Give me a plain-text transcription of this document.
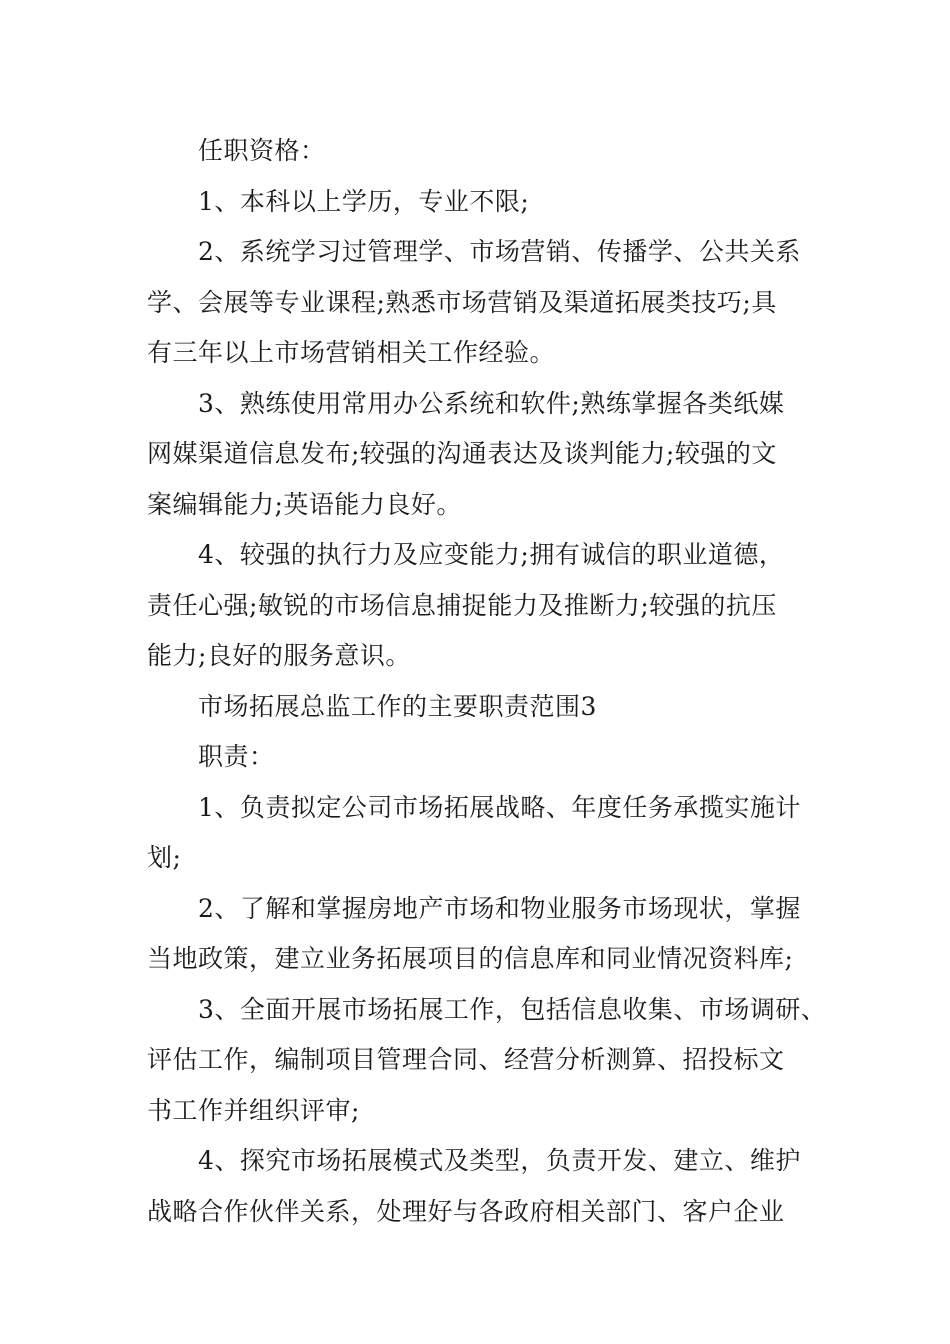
任职资格：
1、本科以上学历，专业不限;
2、系统学习过管理学、市场营销、传播学、公共关系
学、会展等专业课程;熟悉市场营销及渠道拓展类技巧;具
有三年以上市场营销相关工作经验。
3、熟练使用常用办公系统和软件;熟练掌握各类纸媒
网媒渠道信息发布;较强的沟通表达及谈判能力;较强的文
案编辑能力;英语能力良好。
4、较强的执行力及应变能力;拥有诚信的职业道德，
责任心强;敏锐的市场信息捕捉能力及推断力;较强的抗压
能力;良好的服务意识。
市场拓展总监工作的主要职责范围3
职责：
1、负责拟定公司市场拓展战略、年度任务承揽实施计
划;
2、了解和掌握房地产市场和物业服务市场现状，掌握
当地政策，建立业务拓展项目的信息库和同业情况资料库;
3、全面开展市场拓展工作，包括信息收集、市场调研、
评估工作，编制项目管理合同、经营分析测算、招投标文
书工作并组织评审;
4、探究市场拓展模式及类型，负责开发、建立、维护
战略合作伙伴关系，处理好与各政府相关部门、客户企业
